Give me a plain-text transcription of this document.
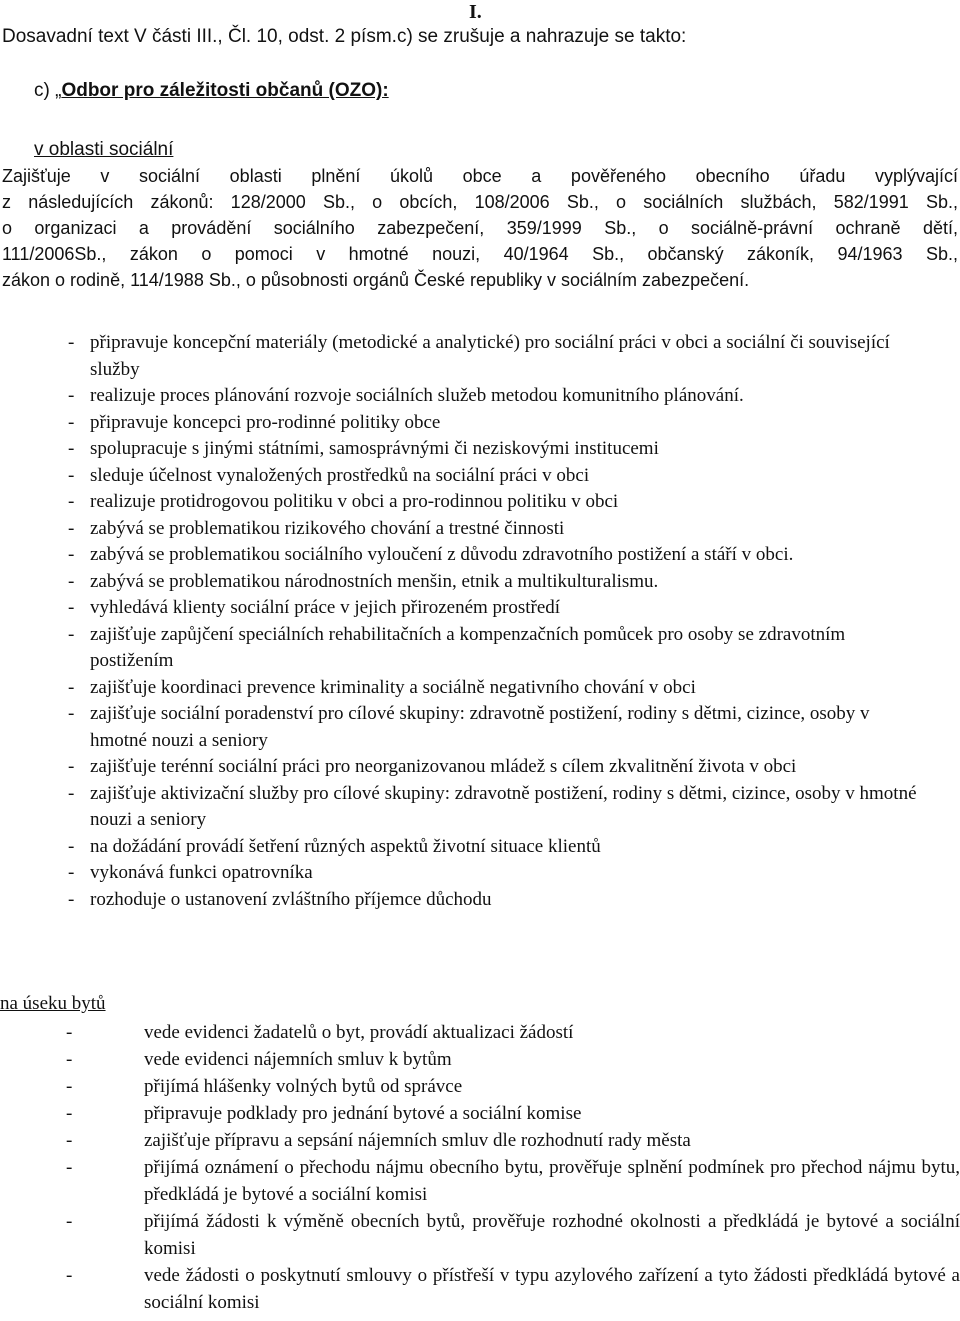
I.
Dosavadní text V části III., Čl. 10, odst. 2 písm.c) se zrušuje a nahrazuje se takto:
c) „Odbor pro záležitosti občanů (OZO):
v oblasti sociální
Zajišťuje v sociální oblasti plnění úkolů obce a pověřeného obecního úřadu vyplývající
z následujících zákonů: 128/2000 Sb., o obcích, 108/2006 Sb., o sociálních službách, 582/1991 Sb.,
o organizaci a provádění sociálního zabezpečení, 359/1999 Sb., o sociálně-právní ochraně dětí,
111/2006Sb., zákon o pomoci v hmotné nouzi, 40/1964 Sb., občanský zákoník, 94/1963 Sb.,
zákon o rodině, 114/1988 Sb., o působnosti orgánů České republiky v sociálním zabezpečení.
- připravuje koncepční materiály (metodické a analytické) pro sociální práci v obci a sociální či související služby
- realizuje proces plánování rozvoje sociálních služeb metodou komunitního plánování.
- připravuje koncepci pro-rodinné politiky obce
- spolupracuje s jinými státními, samosprávnými či neziskovými institucemi
- sleduje účelnost vynaložených prostředků na sociální práci v obci
- realizuje protidrogovou politiku v obci a pro-rodinnou politiku v obci
- zabývá se problematikou rizikového chování a trestné činnosti
- zabývá se problematikou sociálního vyloučení z důvodu zdravotního postižení a stáří v obci.
- zabývá se problematikou národnostních menšin, etnik a multikulturalismu.
- vyhledává klienty sociální práce v jejich přirozeném prostředí
- zajišťuje zapůjčení speciálních rehabilitačních a kompenzačních pomůcek pro osoby se zdravotním postižením
- zajišťuje koordinaci prevence kriminality a sociálně negativního chování v obci
- zajišťuje sociální poradenství pro cílové skupiny: zdravotně postižení, rodiny s dětmi, cizince, osoby v hmotné nouzi a seniory
- zajišťuje terénní sociální práci pro neorganizovanou mládež s cílem zkvalitnění života v obci
- zajišťuje aktivizační služby pro cílové skupiny: zdravotně postižení, rodiny s dětmi, cizince, osoby v hmotné nouzi a seniory
- na dožádání provádí šetření různých aspektů životní situace klientů
- vykonává funkci opatrovníka
- rozhoduje o ustanovení zvláštního příjemce důchodu
na úseku bytů
-	vede evidenci žadatelů o byt, provádí aktualizaci žádostí
-	vede evidenci nájemních smluv k bytům
-	přijímá hlášenky volných bytů od správce
-	připravuje podklady pro jednání bytové a sociální komise
-	zajišťuje přípravu a sepsání nájemních smluv dle rozhodnutí rady města
-	přijímá oznámení o přechodu nájmu obecního bytu, prověřuje splnění podmínek pro přechod nájmu bytu, předkládá je bytové a sociální komisi
-	přijímá žádosti k výměně obecních bytů, prověřuje rozhodné okolnosti a předkládá je bytové a sociální komisi
-	vede žádosti o poskytnutí smlouvy o přístřeší v typu azylového zařízení a tyto žádosti předkládá bytové a sociální komisi
